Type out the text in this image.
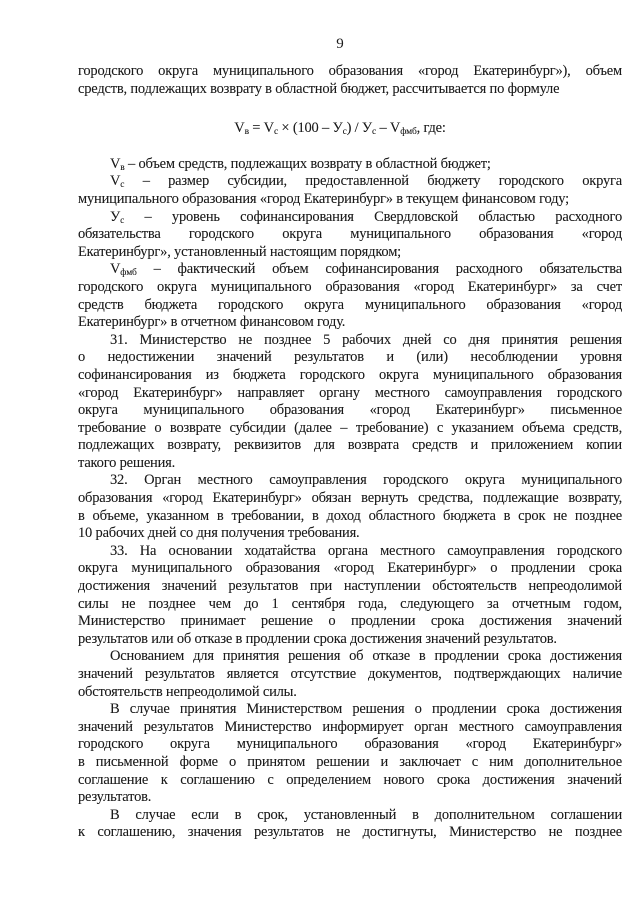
9
городского округа муниципального образования «город Екатеринбург»), объем
средств, подлежащих возврату в областной бюджет, рассчитывается по формуле
$V_в = V_с \times (100 - У_с) / У_с - V_{фмб}$, где:
$V_в$ – объем средств, подлежащих возврату в областной бюджет;
$V_с$ – размер субсидии, предоставленной бюджету городского округа
муниципального образования «город Екатеринбург» в текущем финансовом году;
$У_с$ – уровень софинансирования Свердловской областью расходного
обязательства городского округа муниципального образования «город
Екатеринбург», установленный настоящим порядком;
$V_{фмб}$ – фактический объем софинансирования расходного обязательства
городского округа муниципального образования «город Екатеринбург» за счет
средств бюджета городского округа муниципального образования «город
Екатеринбург» в отчетном финансовом году.
31. Министерство не позднее 5 рабочих дней со дня принятия решения
о недостижении значений результатов и (или) несоблюдении уровня
софинансирования из бюджета городского округа муниципального образования
«город Екатеринбург» направляет органу местного самоуправления городского
округа муниципального образования «город Екатеринбург» письменное
требование о возврате субсидии (далее – требование) с указанием объема средств,
подлежащих возврату, реквизитов для возврата средств и приложением копии
такого решения.
32. Орган местного самоуправления городского округа муниципального
образования «город Екатеринбург» обязан вернуть средства, подлежащие возврату,
в объеме, указанном в требовании, в доход областного бюджета в срок не позднее
10 рабочих дней со дня получения требования.
33. На основании ходатайства органа местного самоуправления городского
округа муниципального образования «город Екатеринбург» о продлении срока
достижения значений результатов при наступлении обстоятельств непреодолимой
силы не позднее чем до 1 сентября года, следующего за отчетным годом,
Министерство принимает решение о продлении срока достижения значений
результатов или об отказе в продлении срока достижения значений результатов.
Основанием для принятия решения об отказе в продлении срока достижения
значений результатов является отсутствие документов, подтверждающих наличие
обстоятельств непреодолимой силы.
В случае принятия Министерством решения о продлении срока достижения
значений результатов Министерство информирует орган местного самоуправления
городского округа муниципального образования «город Екатеринбург»
в письменной форме о принятом решении и заключает с ним дополнительное
соглашение к соглашению с определением нового срока достижения значений
результатов.
В случае если в срок, установленный в дополнительном соглашении
к соглашению, значения результатов не достигнуты, Министерство не позднее
